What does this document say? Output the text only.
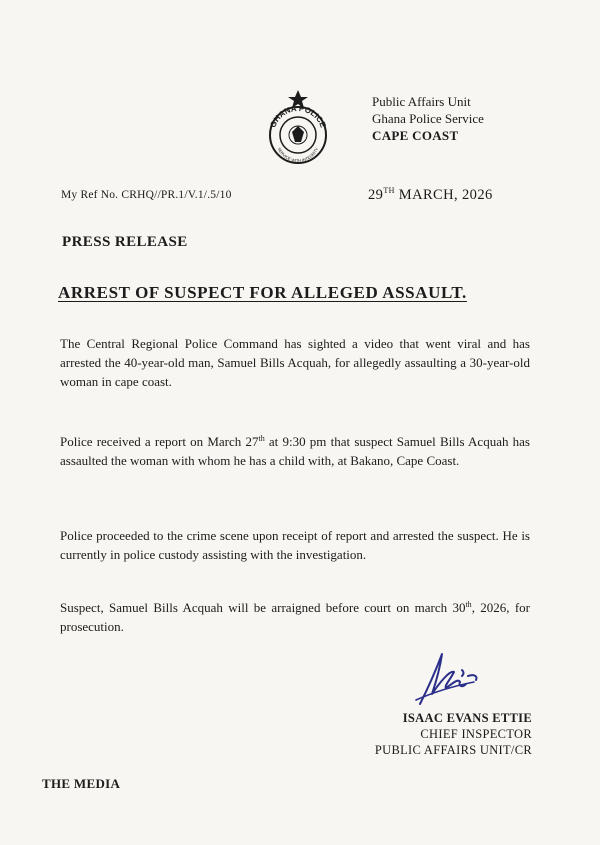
GHANA POLICE
SERVICE WITH INTEGRITY
Public Affairs Unit
Ghana Police Service
CAPE COAST
My Ref No. CRHQ//PR.1/V.1/.5/10	29TH MARCH, 2026
PRESS RELEASE
ARREST OF SUSPECT FOR ALLEGED ASSAULT.
The Central Regional Police Command has sighted a video that went viral and has arrested the 40-year-old man, Samuel Bills Acquah, for allegedly assaulting a 30-year-old woman in cape coast.
Police received a report on March 27th at 9:30 pm that suspect Samuel Bills Acquah has assaulted the woman with whom he has a child with, at Bakano, Cape Coast.
Police proceeded to the crime scene upon receipt of report and arrested the suspect. He is currently in police custody assisting with the investigation.
Suspect, Samuel Bills Acquah will be arraigned before court on march 30th, 2026, for prosecution.
ISAAC EVANS ETTIE
CHIEF INSPECTOR
PUBLIC AFFAIRS UNIT/CR
THE MEDIA
